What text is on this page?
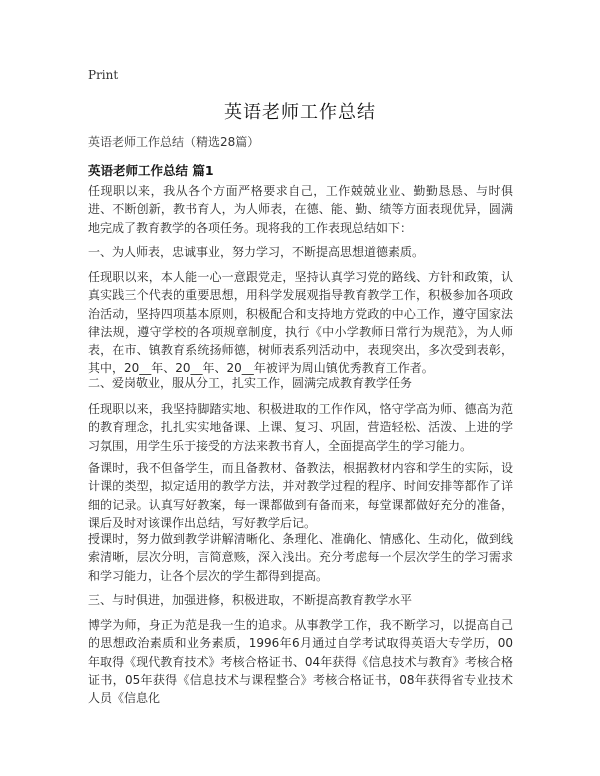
Print
英语老师工作总结
英语老师工作总结（精选28篇）
英语老师工作总结 篇1

任现职以来，我从各个方面严格要求自己，工作兢兢业业、勤勤恳恳、与时俱进、不断创新，教书育人，为人师表，在德、能、勤、绩等方面表现优异，圆满地完成了教育教学的各项任务。现将我的工作表现总结如下：

一、为人师表，忠诚事业，努力学习，不断提高思想道德素质。

任现职以来，本人能一心一意跟党走，坚持认真学习党的路线、方针和政策，认真实践三个代表的重要思想，用科学发展观指导教育教学工作，积极参加各项政治活动，坚持四项基本原则，积极配合和支持地方党政的中心工作，遵守国家法律法规，遵守学校的各项规章制度，执行《中小学教师日常行为规范》，为人师表，在市、镇教育系统扬师德，树师表系列活动中，表现突出，多次受到表彰，其中，20__年、20__年、20__年被评为周山镇优秀教育工作者。

二、爱岗敬业，服从分工，扎实工作，圆满完成教育教学任务

任现职以来，我坚持脚踏实地、积极进取的工作作风，恪守学高为师、德高为范的教育理念，扎扎实实地备课、上课、复习、巩固，营造轻松、活泼、上进的学习氛围，用学生乐于接受的方法来教书育人，全面提高学生的学习能力。

备课时，我不但备学生，而且备教材、备教法，根据教材内容和学生的实际，设计课的类型，拟定适用的教学方法，并对教学过程的程序、时间安排等都作了详细的记录。认真写好教案，每一课都做到有备而来，每堂课都做好充分的准备，课后及时对该课作出总结，写好教学后记。

授课时，努力做到教学讲解清晰化、条理化、准确化、情感化、生动化，做到线索清晰，层次分明，言简意赅，深入浅出。充分考虑每一个层次学生的学习需求和学习能力，让各个层次的学生都得到提高。

三、与时俱进，加强进修，积极进取，不断提高教育教学水平

博学为师，身正为范是我一生的追求。从事教学工作，我不断学习，以提高自己的思想政治素质和业务素质，1996年6月通过自学考试取得英语大专学历，00年取得《现代教育技术》考核合格证书、04年获得《信息技术与教育》考核合格证书，05年获得《信息技术与课程整合》考核合格证书，08年获得省专业技术人员《信息化
